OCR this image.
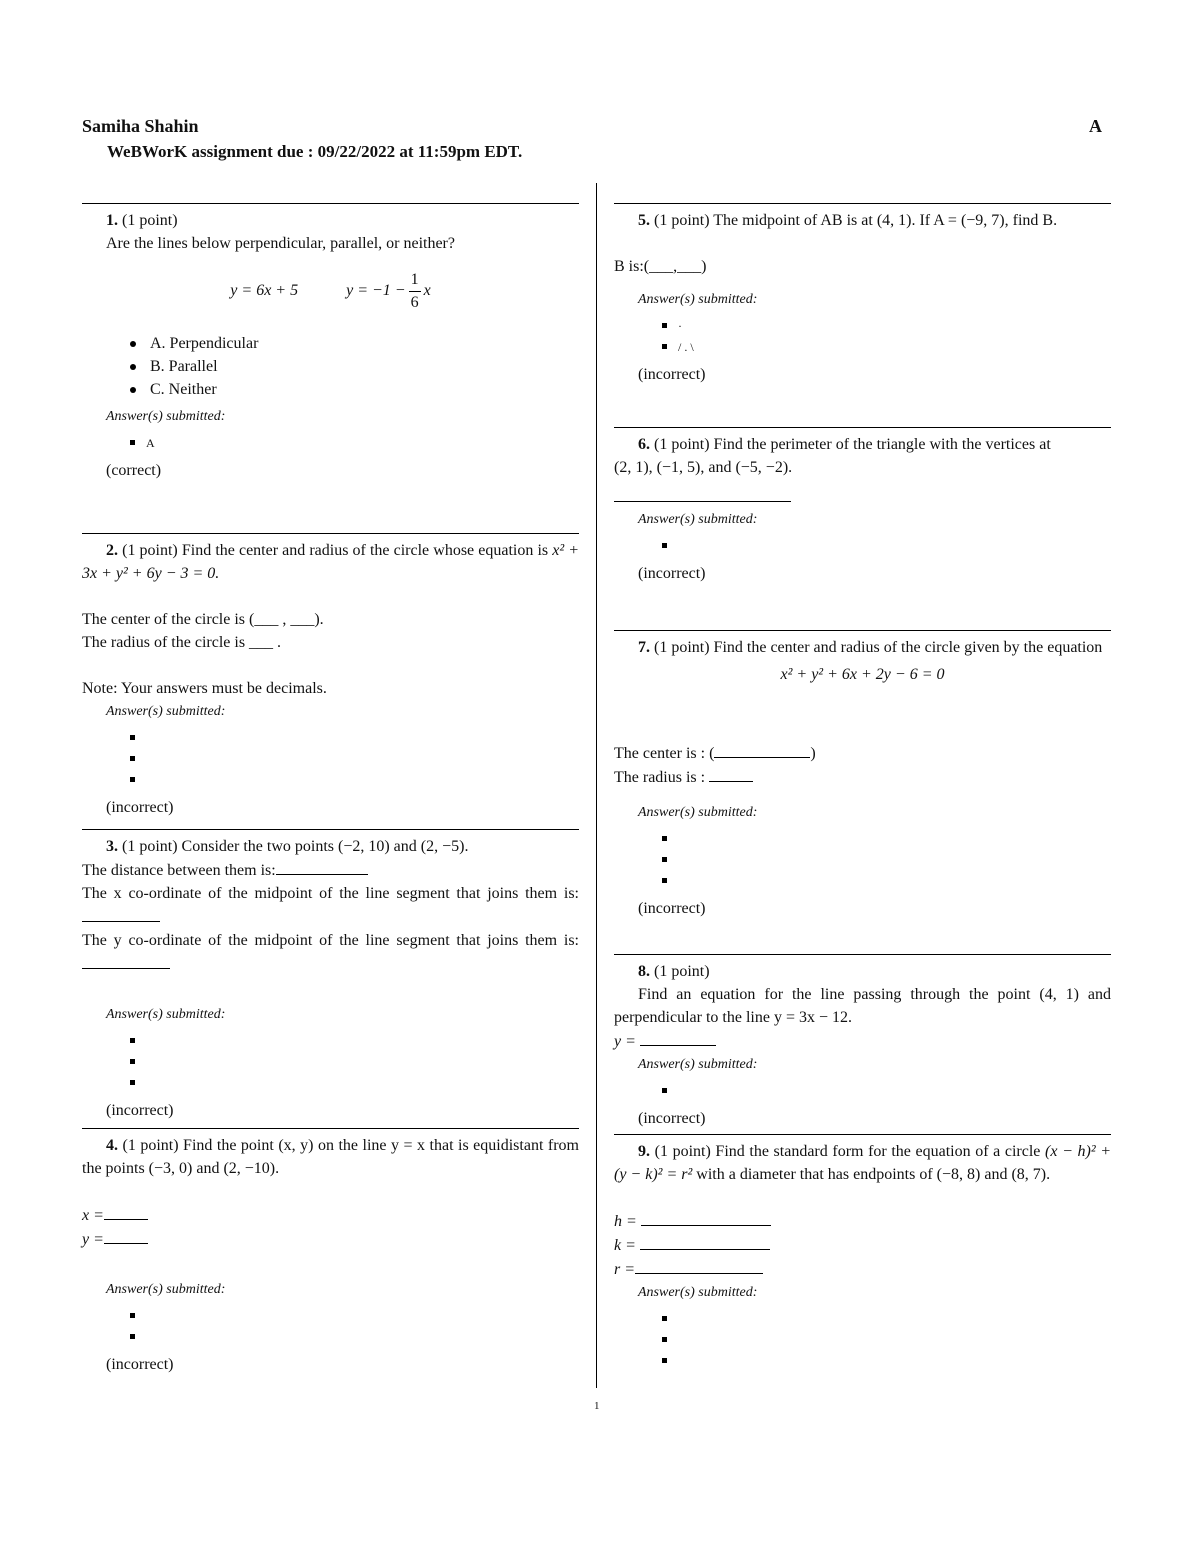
Samiha Shahin	A
WeBWorK assignment due : 09/22/2022 at 11:59pm EDT.
1. (1 point)
Are the lines below perpendicular, parallel, or neither?
y = 6x + 5	$y = -1 - \frac{1}{6}$ x
A. Perpendicular
B. Parallel
C. Neither
Answer(s) submitted:
A
(correct)
2. (1 point) Find the center and radius of the circle whose equation is x² + 3x + y² + 6y − 3 = 0.
The center of the circle is (___ , ___).
The radius of the circle is ___ .
Note: Your answers must be decimals.
Answer(s) submitted:
(incorrect)
3. (1 point) Consider the two points (−2, 10) and (2, −5).
The distance between them is:
The x co-ordinate of the midpoint of the line segment that joins them is:
The y co-ordinate of the midpoint of the line segment that joins them is:
Answer(s) submitted:
(incorrect)
4. (1 point) Find the point (x, y) on the line y = x that is equidistant from the points (−3, 0) and (2, −10).
x =
y =
Answer(s) submitted:
(incorrect)
5. (1 point) The midpoint of AB is at (4, 1). If A = (−9, 7), find B.
B is:(___,___)
Answer(s) submitted:
·
/ . \
(incorrect)
6. (1 point) Find the perimeter of the triangle with the vertices at
(2, 1), (−1, 5), and (−5, −2).
Answer(s) submitted:
(incorrect)
7. (1 point) Find the center and radius of the circle given by the equation
x² + y² + 6x + 2y − 6 = 0
The center is : (	)
The radius is :
Answer(s) submitted:
(incorrect)
8. (1 point)
Find an equation for the line passing through the point (4, 1) and perpendicular to the line y = 3x − 12.
y =
Answer(s) submitted:
(incorrect)
9. (1 point) Find the standard form for the equation of a circle (x − h)² + (y − k)² = r² with a diameter that has endpoints of (−8, 8) and (8, 7).
h =
k =
r =
Answer(s) submitted:
1
